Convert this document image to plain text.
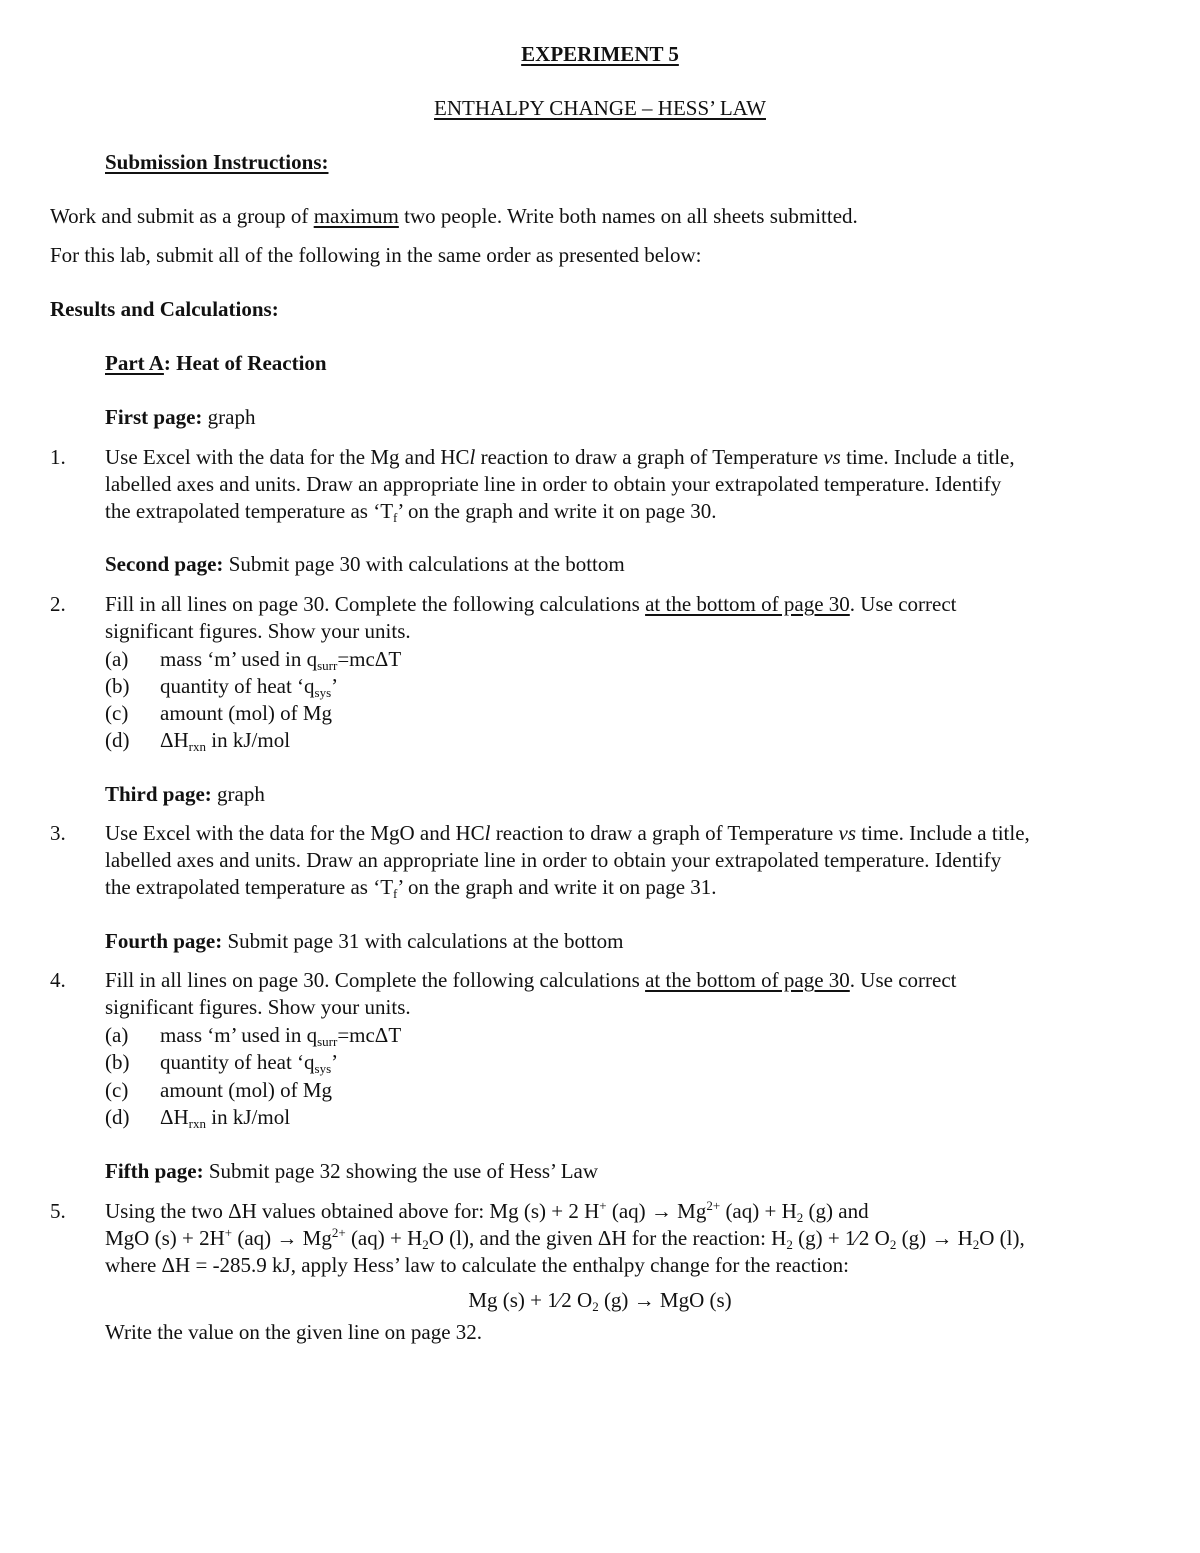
EXPERIMENT 5
ENTHALPY CHANGE – HESS’ LAW
Submission Instructions:
Work and submit as a group of maximum two people. Write both names on all sheets submitted.
For this lab, submit all of the following in the same order as presented below:
Results and Calculations:
Part A: Heat of Reaction
First page: graph
1. Use Excel with the data for the Mg and HCl reaction to draw a graph of Temperature vs time. Include a title,
labelled axes and units. Draw an appropriate line in order to obtain your extrapolated temperature. Identify
the extrapolated temperature as ‘$T_f$’ on the graph and write it on page 30.
Second page: Submit page 30 with calculations at the bottom
2. Fill in all lines on page 30. Complete the following calculations at the bottom of page 30. Use correct
significant figures. Show your units.
(a) mass ‘m’ used in $q_{surr}=mc\Delta T$
(b) quantity of heat ‘$q_{sys}$’
(c) amount (mol) of Mg
(d) $\Delta H_{rxn}$ in kJ/mol
Third page: graph
3. Use Excel with the data for the MgO and HCl reaction to draw a graph of Temperature vs time. Include a title,
labelled axes and units. Draw an appropriate line in order to obtain your extrapolated temperature. Identify
the extrapolated temperature as ‘$T_f$’ on the graph and write it on page 31.
Fourth page: Submit page 31 with calculations at the bottom
4. Fill in all lines on page 30. Complete the following calculations at the bottom of page 30. Use correct
significant figures. Show your units.
(a) mass ‘m’ used in $q_{surr}=mc\Delta T$
(b) quantity of heat ‘$q_{sys}$’
(c) amount (mol) of Mg
(d) $\Delta H_{rxn}$ in kJ/mol
Fifth page: Submit page 32 showing the use of Hess’ Law
5. Using the two ΔH values obtained above for: Mg (s) + 2 H+ $(aq) \to Mg^{2+}$ $(aq) + H_2$ (g) and
MgO (s) + 2H+ $(aq) \to Mg^{2+}$ $(aq) + H_2O$ (l), and the given ΔH for the reaction: $H_2$ (g) + 1⁄2 $O_2$ $(g) \to H_2O$ (l),
where ΔH = -285.9 kJ, apply Hess’ law to calculate the enthalpy change for the reaction:
Mg (s) + 1⁄2 $O_2$ (g) → MgO (s)
Write the value on the given line on page 32.
